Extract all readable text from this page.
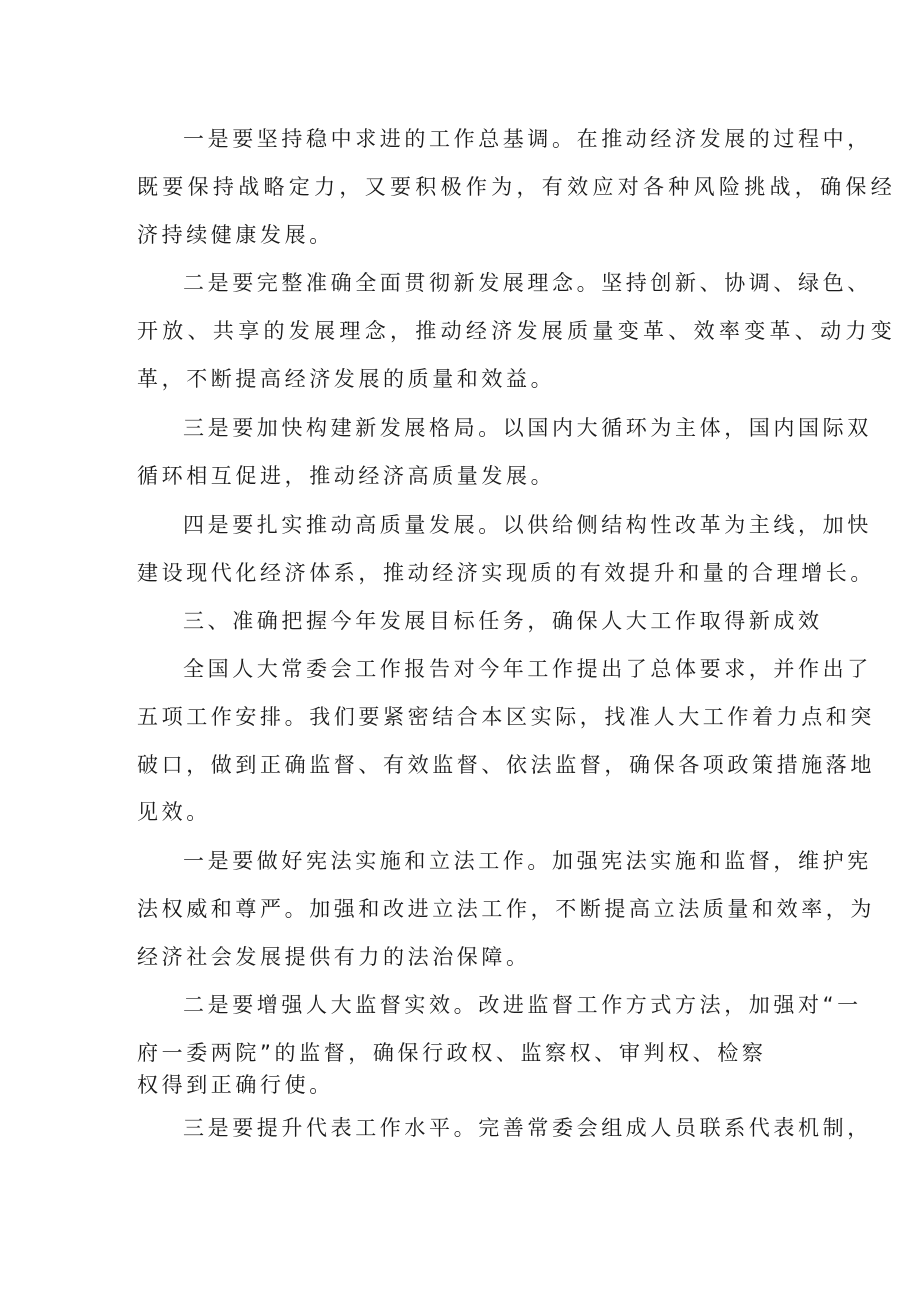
一是要坚持稳中求进的工作总基调。在推动经济发展的过程中，
既要保持战略定力，又要积极作为，有效应对各种风险挑战，确保经
济持续健康发展。
二是要完整准确全面贯彻新发展理念。坚持创新、协调、绿色、
开放、共享的发展理念，推动经济发展质量变革、效率变革、动力变
革，不断提高经济发展的质量和效益。
三是要加快构建新发展格局。以国内大循环为主体，国内国际双
循环相互促进，推动经济高质量发展。
四是要扎实推动高质量发展。以供给侧结构性改革为主线，加快
建设现代化经济体系，推动经济实现质的有效提升和量的合理增长。
三、准确把握今年发展目标任务，确保人大工作取得新成效
全国人大常委会工作报告对今年工作提出了总体要求，并作出了
五项工作安排。我们要紧密结合本区实际，找准人大工作着力点和突
破口，做到正确监督、有效监督、依法监督，确保各项政策措施落地
见效。
一是要做好宪法实施和立法工作。加强宪法实施和监督，维护宪
法权威和尊严。加强和改进立法工作，不断提高立法质量和效率，为
经济社会发展提供有力的法治保障。
二是要增强人大监督实效。改进监督工作方式方法，加强对“一
府一委两院”的监督，确保行政权、监察权、审判权、检察
权得到正确行使。
三是要提升代表工作水平。完善常委会组成人员联系代表机制，
